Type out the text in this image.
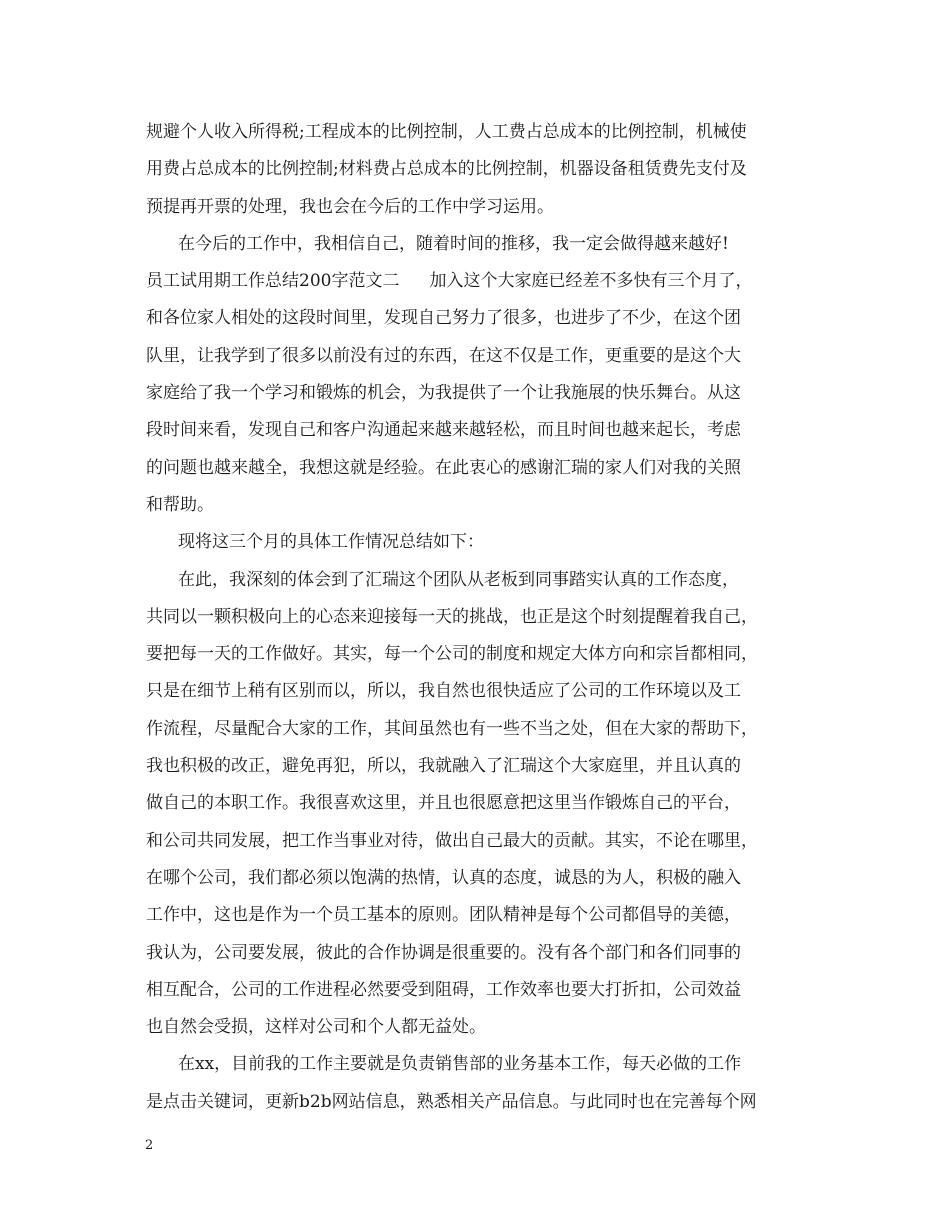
规避个人收入所得税;工程成本的比例控制，人工费占总成本的比例控制，机械使
用费占总成本的比例控制;材料费占总成本的比例控制，机器设备租赁费先支付及
预提再开票的处理，我也会在今后的工作中学习运用。
在今后的工作中，我相信自己，随着时间的推移，我一定会做得越来越好!
员工试用期工作总结200字范文二 加入这个大家庭已经差不多快有三个月了，
和各位家人相处的这段时间里，发现自己努力了很多，也进步了不少，在这个团
队里，让我学到了很多以前没有过的东西，在这不仅是工作，更重要的是这个大
家庭给了我一个学习和锻炼的机会，为我提供了一个让我施展的快乐舞台。从这
段时间来看，发现自己和客户沟通起来越来越轻松，而且时间也越来起长，考虑
的问题也越来越全，我想这就是经验。在此衷心的感谢汇瑞的家人们对我的关照
和帮助。
现将这三个月的具体工作情况总结如下：
在此，我深刻的体会到了汇瑞这个团队从老板到同事踏实认真的工作态度，
共同以一颗积极向上的心态来迎接每一天的挑战，也正是这个时刻提醒着我自己，
要把每一天的工作做好。其实，每一个公司的制度和规定大体方向和宗旨都相同，
只是在细节上稍有区别而以，所以，我自然也很快适应了公司的工作环境以及工
作流程，尽量配合大家的工作，其间虽然也有一些不当之处，但在大家的帮助下，
我也积极的改正，避免再犯，所以，我就融入了汇瑞这个大家庭里，并且认真的
做自己的本职工作。我很喜欢这里，并且也很愿意把这里当作锻炼自己的平台，
和公司共同发展，把工作当事业对待，做出自己最大的贡献。其实，不论在哪里，
在哪个公司，我们都必须以饱满的热情，认真的态度，诚恳的为人，积极的融入
工作中，这也是作为一个员工基本的原则。团队精神是每个公司都倡导的美德，
我认为，公司要发展，彼此的合作协调是很重要的。没有各个部门和各们同事的
相互配合，公司的工作进程必然要受到阻碍，工作效率也要大打折扣，公司效益
也自然会受损，这样对公司和个人都无益处。
在xx，目前我的工作主要就是负责销售部的业务基本工作，每天必做的工作
是点击关键词，更新b2b网站信息，熟悉相关产品信息。与此同时也在完善每个网
2
